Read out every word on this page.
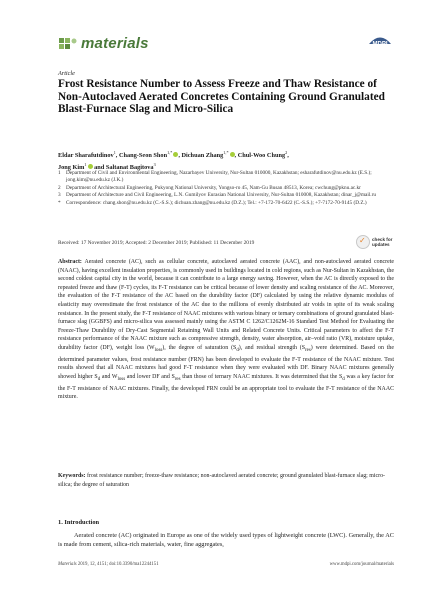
materials	MDPI
Article
Frost Resistance Number to Assess Freeze and Thaw Resistance of Non-Autoclaved Aerated Concretes Containing Ground Granulated Blast-Furnace Slag and Micro-Silica
Eldar Sharafutdinov$^1$, Chang-Seon Shon$^{1,*}$ , Dichuan Zhang$^{1,*}$ , Chul-Woo Chung$^2$,
Jong Kim$^1$ and Saltanat Bagitova$^3$
1	Department of Civil and Environmental Engineering, Nazarbayev University, Nur-Sultan 010000, Kazakhstan; esharafutdinov@nu.edu.kz (E.S.); jong.kim@nu.edu.kz (J.K.)
2	Department of Architectural Engineering, Pukyong National University, Yongso-ro 45, Nam-Gu Busan 48513, Korea; cwchung@pknu.ac.kr
3	Department of Architecture and Civil Engineering, L.N. Gumilyov Eurasian National University, Nur-Sultan 010008, Kazakhstan; dinar_j@mail.ru
*	Correspondence: chang.shon@nu.edu.kz (C.-S.S.); dichuan.zhang@nu.edu.kz (D.Z.); Tel.: +7-172-70-6422 (C.-S.S.); +7-7172-70-9145 (D.Z.)
Received: 17 November 2019; Accepted: 2 December 2019; Published: 11 December 2019	✓ check for
updates
Abstract: Aerated concrete (AC), such as cellular concrete, autoclaved aerated concrete (AAC), and non-autoclaved aerated concrete (NAAC), having excellent insulation properties, is commonly used in buildings located in cold regions, such as Nur-Sultan in Kazakhstan, the second coldest capital city in the world, because it can contribute to a large energy saving. However, when the AC is directly exposed to the repeated freeze and thaw (F-T) cycles, its F-T resistance can be critical because of lower density and scaling resistance of the AC. Moreover, the evaluation of the F-T resistance of the AC based on the durability factor (DF) calculated by using the relative dynamic modulus of elasticity may overestimate the frost resistance of the AC due to the millions of evenly distributed air voids in spite of its weak scaling resistance. In the present study, the F-T resistance of NAAC mixtures with various binary or ternary combinations of ground granulated blast-furnace slag (GGBFS) and micro-silica was assessed mainly using the ASTM C 1262/C1262M-16 Standard Test Method for Evaluating the Freeze-Thaw Durability of Dry-Cast Segmental Retaining Wall Units and Related Concrete Units. Critical parameters to affect the F-T resistance performance of the NAAC mixture such as compressive strength, density, water absorption, air–void ratio (VR), moisture uptake, durability factor (DF), weight loss $(W_{loss})$, the degree of saturation $(S_d)$, and residual strength $(S_{res})$ were determined. Based on the determined parameter values, frost resistance number (FRN) has been developed to evaluate the F-T resistance of the NAAC mixture. Test results showed that all NAAC mixtures had good F-T resistance when they were evaluated with DF. Binary NAAC mixtures generally showed higher $S_d$ and $W_{loss}$ and lower DF and $S_{res}$ than those of ternary NAAC mixtures. It was determined that the $S_d$ was a key factor for the F-T resistance of NAAC mixtures. Finally, the developed FRN could be an appropriate tool to evaluate the F-T resistance of the NAAC mixture.
Keywords: frost resistance number; freeze-thaw resistance; non-autoclaved aerated concrete; ground granulated blast-furnace slag; micro-silica; the degree of saturation
1. Introduction
Aerated concrete (AC) originated in Europe as one of the widely used types of lightweight concrete (LWC). Generally, the AC is made from cement, silica-rich materials, water, fine aggregates,
Materials 2019, 12, 4151; doi:10.3390/ma12244151	www.mdpi.com/journal/materials
